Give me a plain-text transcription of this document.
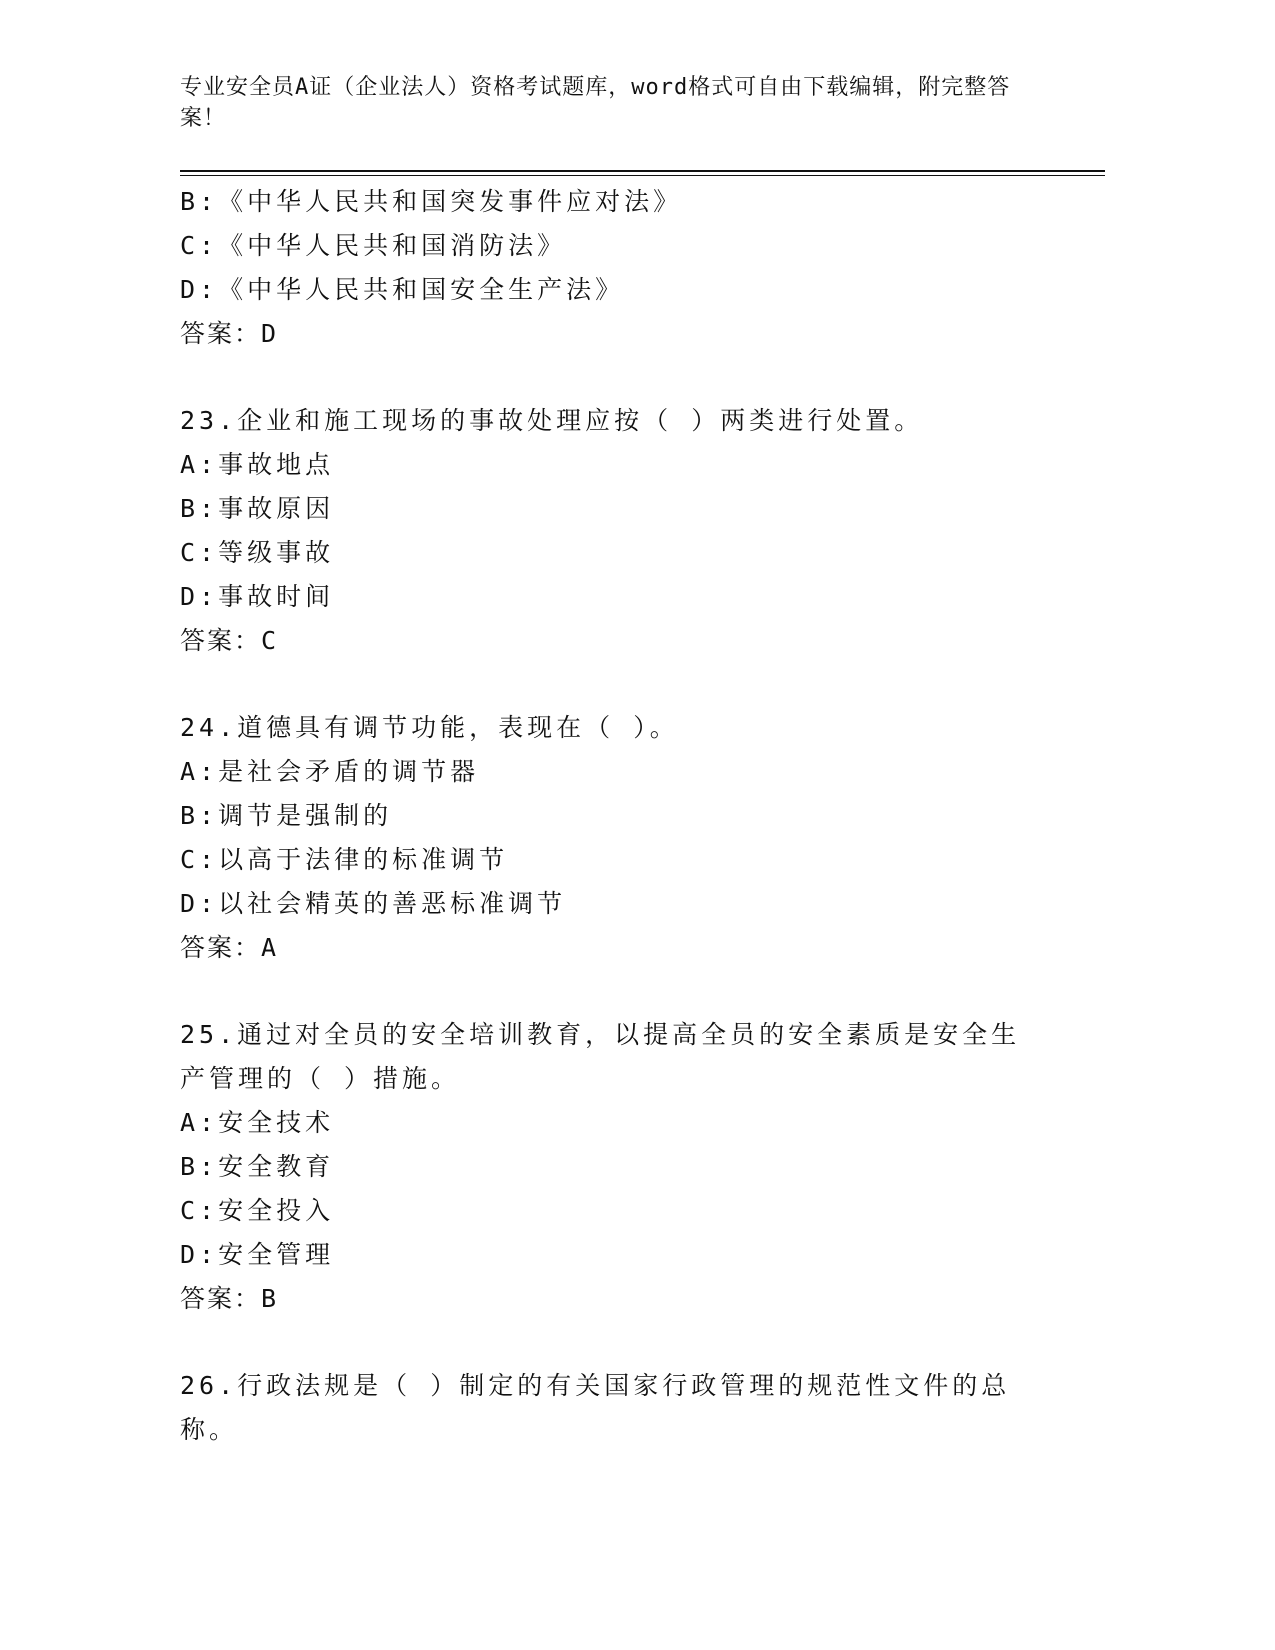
专业安全员A证（企业法人）资格考试题库，word格式可自由下载编辑，附完整答案！
B:《中华人民共和国突发事件应对法》
C:《中华人民共和国消防法》
D:《中华人民共和国安全生产法》
答案：D
23.企业和施工现场的事故处理应按（ ）两类进行处置。
A:事故地点
B:事故原因
C:等级事故
D:事故时间
答案：C
24.道德具有调节功能，表现在（ ）。
A:是社会矛盾的调节器
B:调节是强制的
C:以高于法律的标准调节
D:以社会精英的善恶标准调节
答案：A
25.通过对全员的安全培训教育，以提高全员的安全素质是安全生产管理的（ ）措施。
A:安全技术
B:安全教育
C:安全投入
D:安全管理
答案：B
26.行政法规是（ ）制定的有关国家行政管理的规范性文件的总称。
